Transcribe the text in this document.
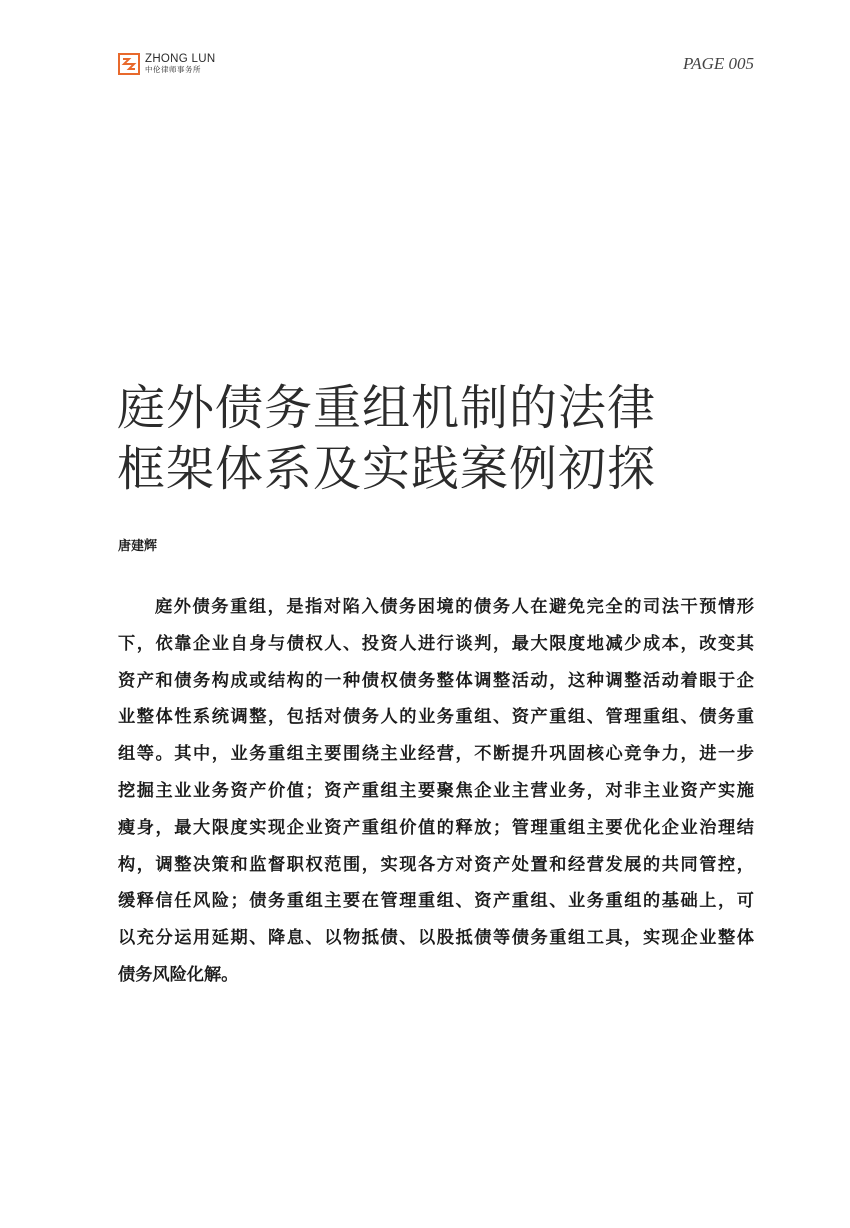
ZHONG LUN
中伦律师事务所	PAGE 005
庭外债务重组机制的法律
框架体系及实践案例初探
唐建辉
庭外债务重组，是指对陷入债务困境的债务人在避免完全的司法干预情形
下，依靠企业自身与债权人、投资人进行谈判，最大限度地减少成本，改变其
资产和债务构成或结构的一种债权债务整体调整活动，这种调整活动着眼于企
业整体性系统调整，包括对债务人的业务重组、资产重组、管理重组、债务重
组等。其中，业务重组主要围绕主业经营，不断提升巩固核心竞争力，进一步
挖掘主业业务资产价值；资产重组主要聚焦企业主营业务，对非主业资产实施
瘦身，最大限度实现企业资产重组价值的释放；管理重组主要优化企业治理结
构，调整决策和监督职权范围，实现各方对资产处置和经营发展的共同管控，
缓释信任风险；债务重组主要在管理重组、资产重组、业务重组的基础上，可
以充分运用延期、降息、以物抵债、以股抵债等债务重组工具，实现企业整体
债务风险化解。
